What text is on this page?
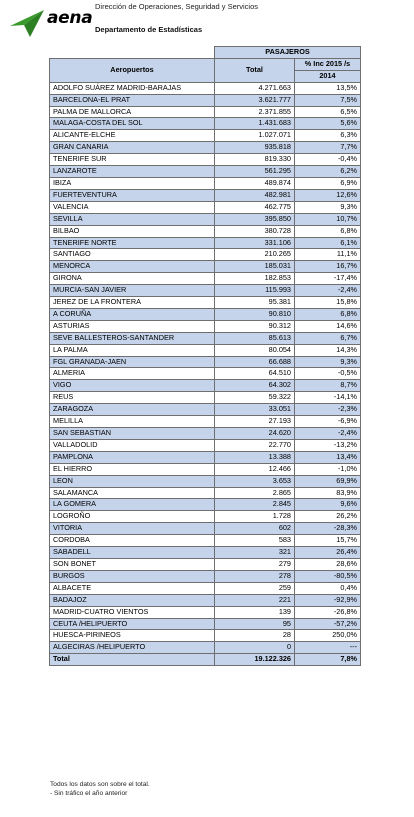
aena
Dirección de Operaciones, Seguridad y Servicios
Departamento de Estadísticas
	PASAJEROS	
Aeropuertos	Total	% Inc 2015 /s
		2014
ADOLFO SUÁREZ MADRID-BARAJAS	4.271.663	13,5%
BARCELONA-EL PRAT	3.621.777	7,5%
PALMA DE MALLORCA	2.371.855	6,5%
MALAGA-COSTA DEL SOL	1.431.683	5,6%
ALICANTE-ELCHE	1.027.071	6,3%
GRAN CANARIA	935.818	7,7%
TENERIFE SUR	819.330	-0,4%
LANZAROTE	561.295	6,2%
IBIZA	489.874	6,9%
FUERTEVENTURA	482.981	12,6%
VALENCIA	462.775	9,3%
SEVILLA	395.850	10,7%
BILBAO	380.728	6,8%
TENERIFE NORTE	331.106	6,1%
SANTIAGO	210.265	11,1%
MENORCA	185.031	16,7%
GIRONA	182.853	-17,4%
MURCIA-SAN JAVIER	115.993	-2,4%
JEREZ DE LA FRONTERA	95.381	15,8%
A CORUÑA	90.810	6,8%
ASTURIAS	90.312	14,6%
SEVE BALLESTEROS-SANTANDER	85.613	6,7%
LA PALMA	80.054	14,3%
FGL GRANADA-JAEN	66.688	9,3%
ALMERIA	64.510	-0,5%
VIGO	64.302	8,7%
REUS	59.322	-14,1%
ZARAGOZA	33.051	-2,3%
MELILLA	27.193	-6,9%
SAN SEBASTIAN	24.620	-2,4%
VALLADOLID	22.770	-13,2%
PAMPLONA	13.388	13,4%
EL HIERRO	12.466	-1,0%
LEON	3.653	69,9%
SALAMANCA	2.865	83,9%
LA GOMERA	2.845	9,6%
LOGROÑO	1.728	26,2%
VITORIA	602	-28,3%
CORDOBA	583	15,7%
SABADELL	321	26,4%
SON BONET	279	28,6%
BURGOS	278	-80,5%
ALBACETE	259	0,4%
BADAJOZ	221	-92,9%
MADRID-CUATRO VIENTOS	139	-26,8%
CEUTA /HELIPUERTO	95	-57,2%
HUESCA-PIRINEOS	28	250,0%
ALGECIRAS /HELIPUERTO	0	---
Total	19.122.326	7,8%
Todos los datos son sobre el total.
- Sin tráfico el año anterior
